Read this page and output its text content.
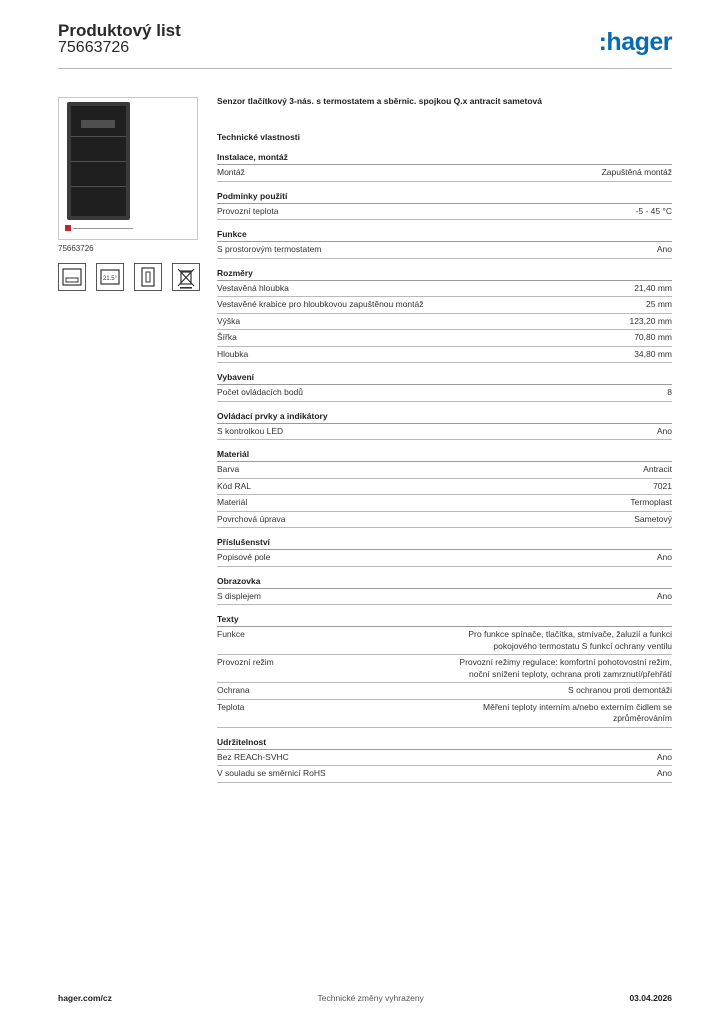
Produktový list
75663726	:hager
75663726
21.5°
Senzor tlačítkový 3-nás. s termostatem a sběrnic. spojkou Q.x antracit sametová
Technické vlastnosti
Instalace, montáž
Montáž	Zapuštěná montáž
Podmínky použití
Provozní teplota	-5 - 45 °C
Funkce
S prostorovým termostatem	Ano
Rozměry
Vestavěná hloubka	21,40 mm
Vestavěné krabice pro hloubkovou zapuštěnou montáž	25 mm
Výška	123,20 mm
Šířka	70,80 mm
Hloubka	34,80 mm
Vybavení
Počet ovládacích bodů	8
Ovládací prvky a indikátory
S kontrolkou LED	Ano
Materiál
Barva	Antracit
Kód RAL	7021
Materiál	Termoplast
Povrchová úprava	Sametový
Příslušenství
Popisové pole	Ano
Obrazovka
S displejem	Ano
Texty
Funkce	Pro funkce spínače, tlačítka, stmívače, žaluzií a funkci pokojového termostatu S funkcí ochrany ventilu
Provozní režim	Provozní režimy regulace: komfortní pohotovostní režim, noční snížení teploty, ochrana proti zamrznutí/přehřátí
Ochrana	S ochranou proti demontáži
Teplota	Měření teploty interním a/nebo externím čidlem se zprůměrováním
Udržitelnost
Bez REACh-SVHC	Ano
V souladu se směrnicí RoHS	Ano
hager.com/cz	Technické změny vyhrazeny	03.04.2026
